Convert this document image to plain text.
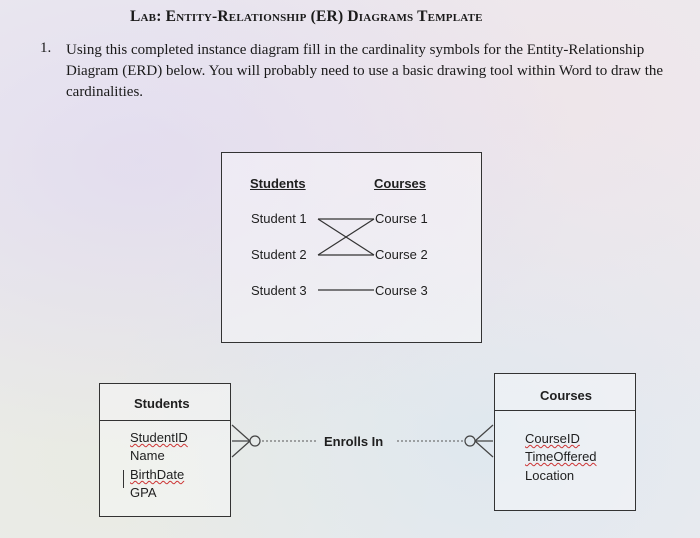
Lab: Entity-Relationship (ER) Diagrams Template
1. Using this completed instance diagram fill in the cardinality symbols for the Entity-Relationship Diagram (ERD) below. You will probably need to use a basic drawing tool within Word to draw the cardinalities.
Students	Courses
Student 1
Student 2
Student 3
Course 1
Course 2
Course 3
Students
StudentID
Name
BirthDate
GPA
Enrolls In
Courses
CourseID
TimeOffered
Location
